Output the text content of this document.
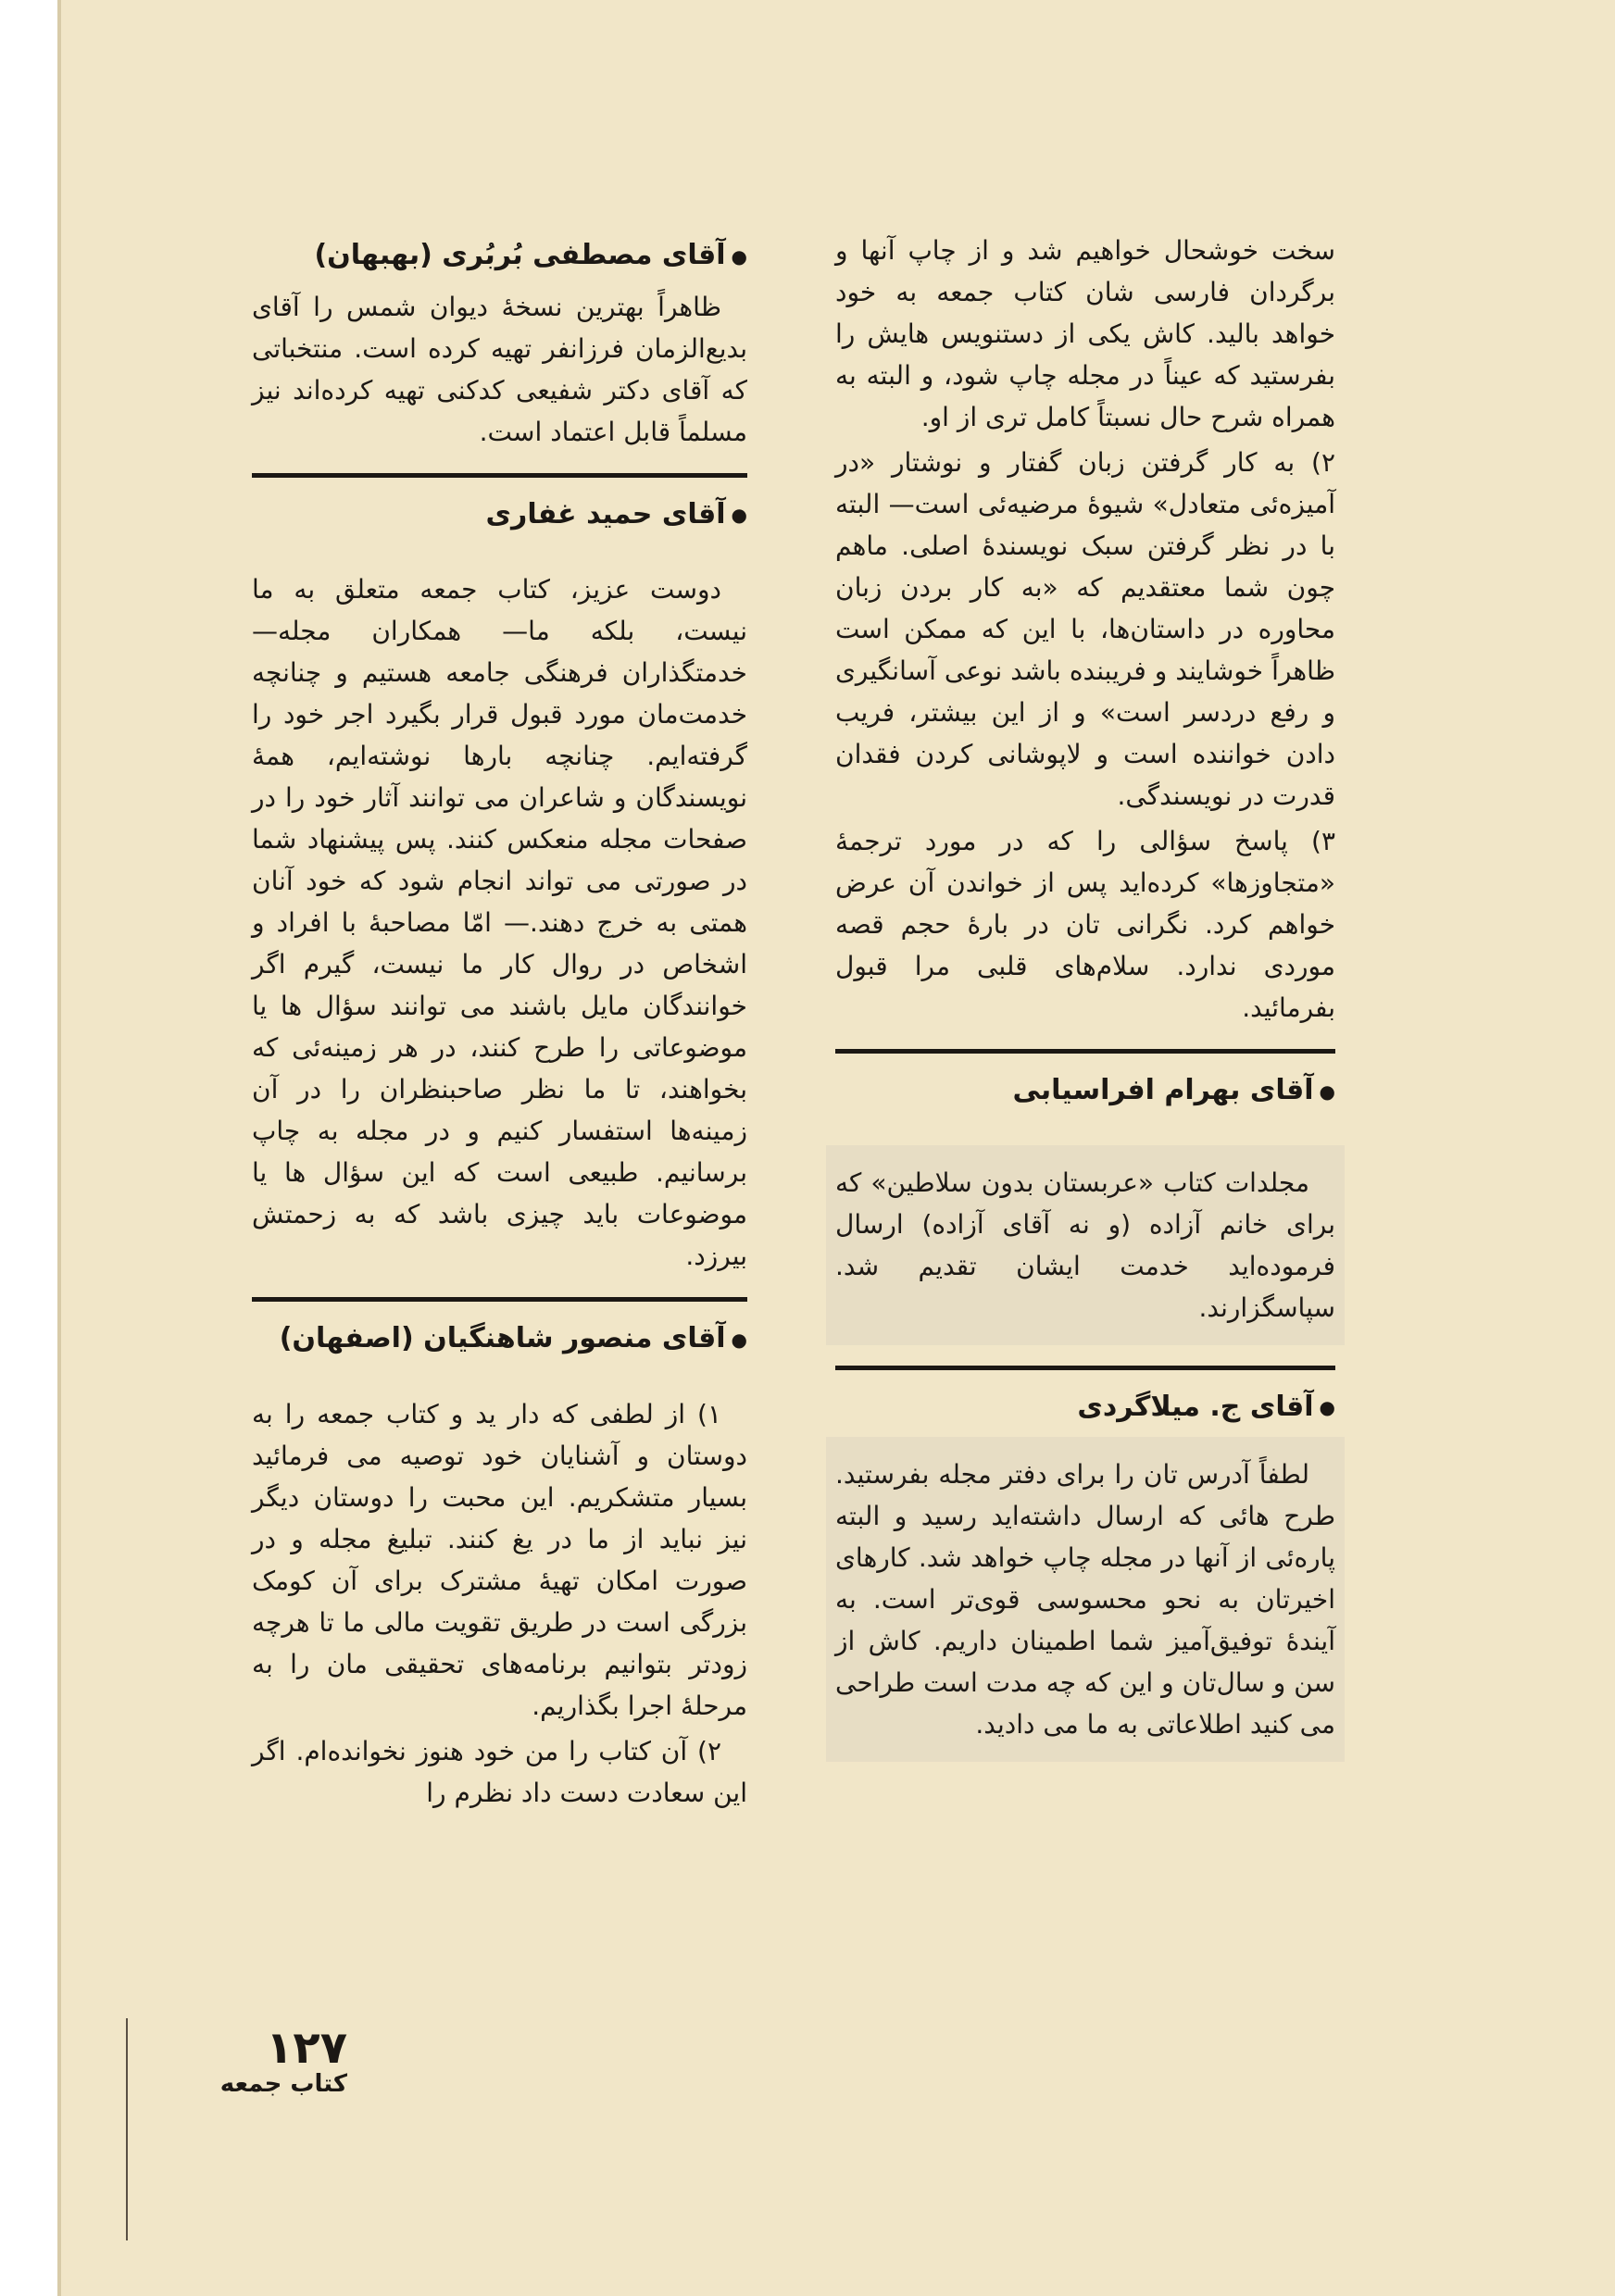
سخت خوشحال خواهیم شد و از چاپ آنها و برگردان فارسی شان کتاب جمعه به خود خواهد بالید. کاش یکی از دستنویس هایش را بفرستید که عیناً در مجله چاپ شود، و البته به همراه شرح حال نسبتاً کامل تری از او.

۲) به کار گرفتن زبان گفتار و نوشتار «در آمیزه‌ئی متعادل» شیوهٔ مرضیه‌ئی است— البته با در نظر گرفتن سبک نویسندهٔ اصلی. ماهم چون شما معتقدیم که «به کار بردن زبان محاوره در داستان‌ها، با این که ممکن است ظاهراً خوشایند و فریبنده باشد نوعی آسانگیری و رفع دردسر است» و از این بیشتر، فریب دادن خواننده است و لاپوشانی کردن فقدان قدرت در نویسندگی.

۳) پاسخ سؤالی را که در مورد ترجمهٔ «متجاوزها» کرده‌اید پس از خواندن آن عرض خواهم کرد. نگرانی تان در بارهٔ حجم قصه موردی ندارد. سلام‌های قلبی مرا قبول بفرمائید.

●آقای بهرام افراسیابی

مجلدات کتاب «عربستان بدون سلاطین» که برای خانم آزاده (و نه آقای آزاده) ارسال فرموده‌اید خدمت ایشان تقدیم شد. سپاسگزارند.

●آقای ج. میلاگردی

لطفاً آدرس تان را برای دفتر مجله بفرستید. طرح هائی که ارسال داشته‌اید رسید و البته پاره‌ئی از آنها در مجله چاپ خواهد شد. کارهای اخیرتان به نحو محسوسی قوی‌تر است. به آیندهٔ توفیق‌آمیز شما اطمینان داریم. کاش از سن و سال‌تان و این که چه مدت است طراحی می کنید اطلاعاتی به ما می دادید.

●آقای مصطفی بُربُری (بهبهان)

ظاهراً بهترین نسخهٔ دیوان شمس را آقای بدیع‌الزمان فرزانفر تهیه کرده است. منتخباتی که آقای دکتر شفیعی کدکنی تهیه کرده‌اند نیز مسلماً قابل اعتماد است.

●آقای حمید غفاری

دوست عزیز، کتاب جمعه متعلق به ما نیست، بلکه ما— همکاران مجله— خدمتگذاران فرهنگی جامعه هستیم و چنانچه خدمت‌مان مورد قبول قرار بگیرد اجر خود را گرفته‌ایم. چنانچه بارها نوشته‌ایم، همهٔ نویسندگان و شاعران می توانند آثار خود را در صفحات مجله منعکس کنند. پس پیشنهاد شما در صورتی می تواند انجام شود که خود آنان همتی به خرج دهند.— امّا مصاحبهٔ با افراد و اشخاص در روال کار ما نیست، گیرم اگر خوانندگان مایل باشند می توانند سؤال ها یا موضوعاتی را طرح کنند، در هر زمینه‌ئی که بخواهند، تا ما نظر صاحبنظران را در آن زمینه‌ها استفسار کنیم و در مجله به چاپ برسانیم. طبیعی است که این سؤال ها یا موضوعات باید چیزی باشد که به زحمتش بیرزد.

●آقای منصور شاهنگیان (اصفهان)

۱) از لطفی که دار ید و کتاب جمعه را به دوستان و آشنایان خود توصیه می فرمائید بسیار متشکریم. این محبت را دوستان دیگر نیز نباید از ما در یغ کنند. تبلیغ مجله و در صورت امکان تهیهٔ مشترک برای آن کومک بزرگی است در طریق تقویت مالی ما تا هرچه زودتر بتوانیم برنامه‌های تحقیقی مان را به مرحلهٔ اجرا بگذاریم.

۲) آن کتاب را من خود هنوز نخوانده‌ام. اگر این سعادت دست داد نظرم را

۱۲۷
کتاب جمعه
